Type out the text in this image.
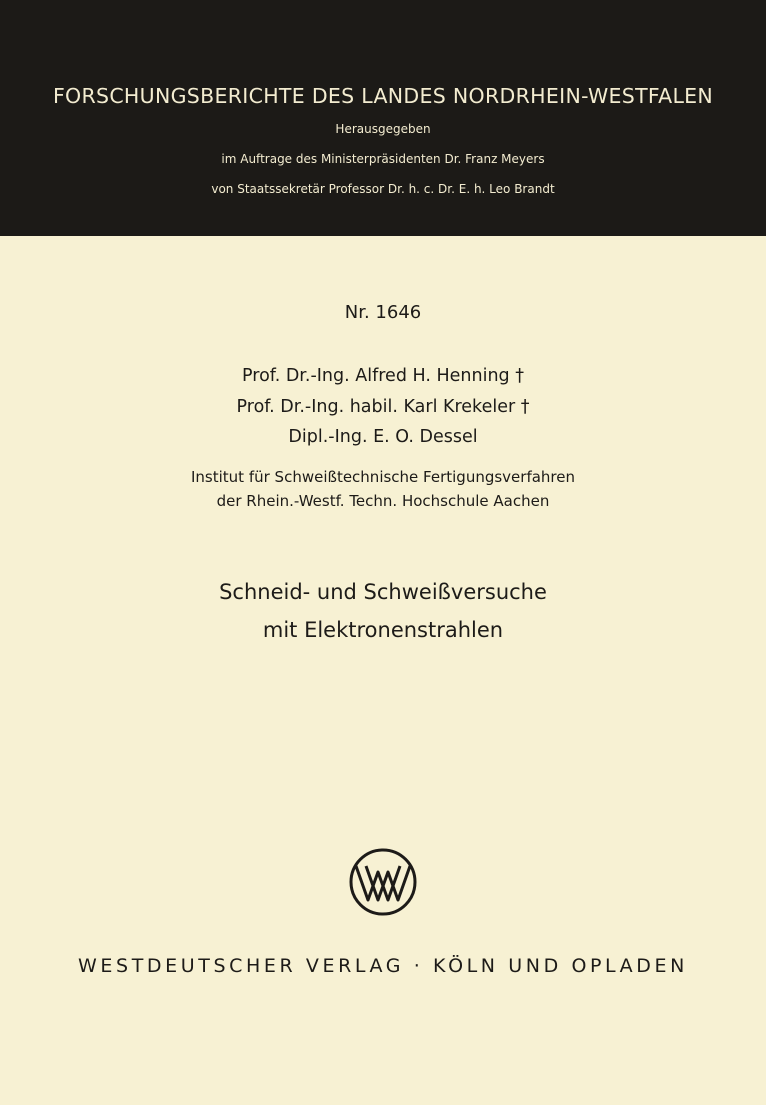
FORSCHUNGSBERICHTE DES LANDES NORDRHEIN-WESTFALEN
Herausgegeben
im Auftrage des Ministerpräsidenten Dr. Franz Meyers
von Staatssekretär Professor Dr. h. c. Dr. E. h. Leo Brandt
Nr. 1646
Prof. Dr.-Ing. Alfred H. Henning †
Prof. Dr.-Ing. habil. Karl Krekeler †
Dipl.-Ing. E. O. Dessel
Institut für Schweißtechnische Fertigungsverfahren
der Rhein.-Westf. Techn. Hochschule Aachen
Schneid- und Schweißversuche
mit Elektronenstrahlen
WESTDEUTSCHER VERLAG · KÖLN UND OPLADEN
